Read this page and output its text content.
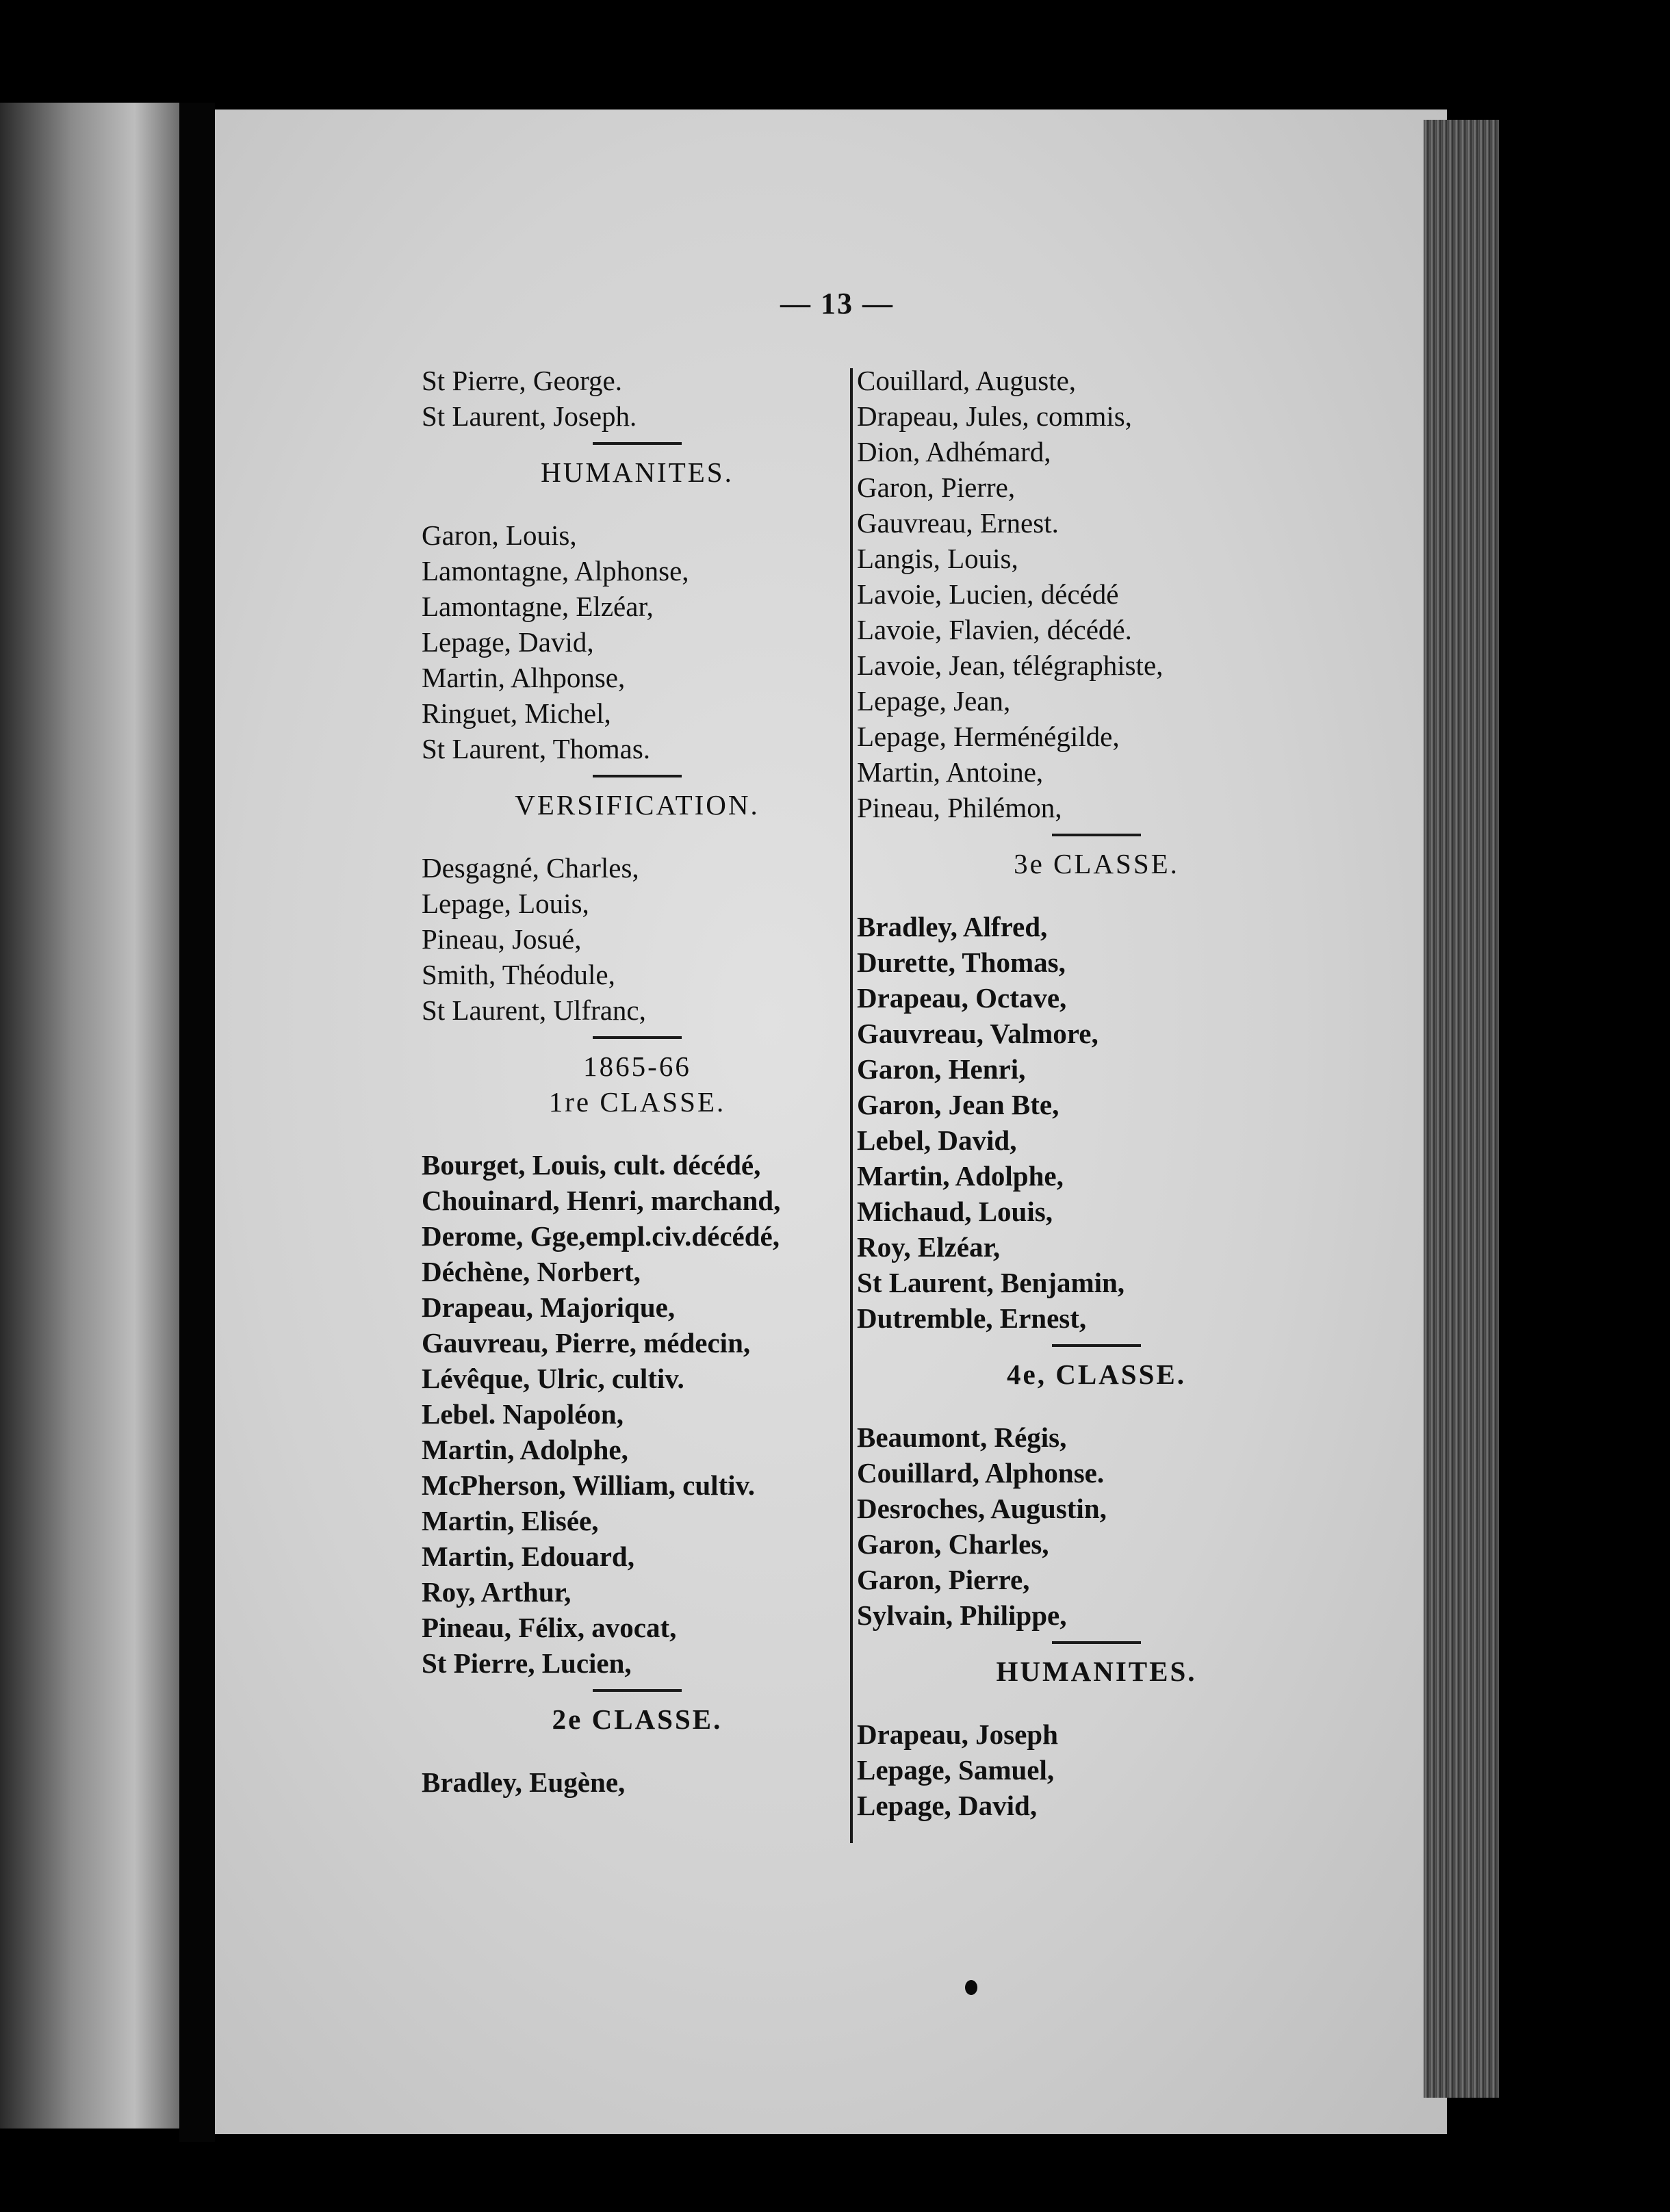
— 13 —
St Pierre, George.
St Laurent, Joseph.
HUMANITES.
Garon, Louis,
Lamontagne, Alphonse,
Lamontagne, Elzéar,
Lepage, David,
Martin, Alhponse,
Ringuet, Michel,
St Laurent, Thomas.
VERSIFICATION.
Desgagné, Charles,
Lepage, Louis,
Pineau, Josué,
Smith, Théodule,
St Laurent, Ulfranc,
1865-66
1re CLASSE.
Bourget, Louis, cult. décédé,
Chouinard, Henri, marchand,
Derome, Gge,empl.civ.décédé,
Déchène, Norbert,
Drapeau, Majorique,
Gauvreau, Pierre, médecin,
Lévêque, Ulric, cultiv.
Lebel. Napoléon,
Martin, Adolphe,
McPherson, William, cultiv.
Martin, Elisée,
Martin, Edouard,
Roy, Arthur,
Pineau, Félix, avocat,
St Pierre, Lucien,
2e CLASSE.
Bradley, Eugène,
Couillard, Auguste,
Drapeau, Jules, commis,
Dion, Adhémard,
Garon, Pierre,
Gauvreau, Ernest.
Langis, Louis,
Lavoie, Lucien, décédé
Lavoie, Flavien, décédé.
Lavoie, Jean, télégraphiste,
Lepage, Jean,
Lepage, Herménégilde,
Martin, Antoine,
Pineau, Philémon,
3e CLASSE.
Bradley, Alfred,
Durette, Thomas,
Drapeau, Octave,
Gauvreau, Valmore,
Garon, Henri,
Garon, Jean Bte,
Lebel, David,
Martin, Adolphe,
Michaud, Louis,
Roy, Elzéar,
St Laurent, Benjamin,
Dutremble, Ernest,
4e, CLASSE.
Beaumont, Régis,
Couillard, Alphonse.
Desroches, Augustin,
Garon, Charles,
Garon, Pierre,
Sylvain, Philippe,
HUMANITES.
Drapeau, Joseph
Lepage, Samuel,
Lepage, David,
